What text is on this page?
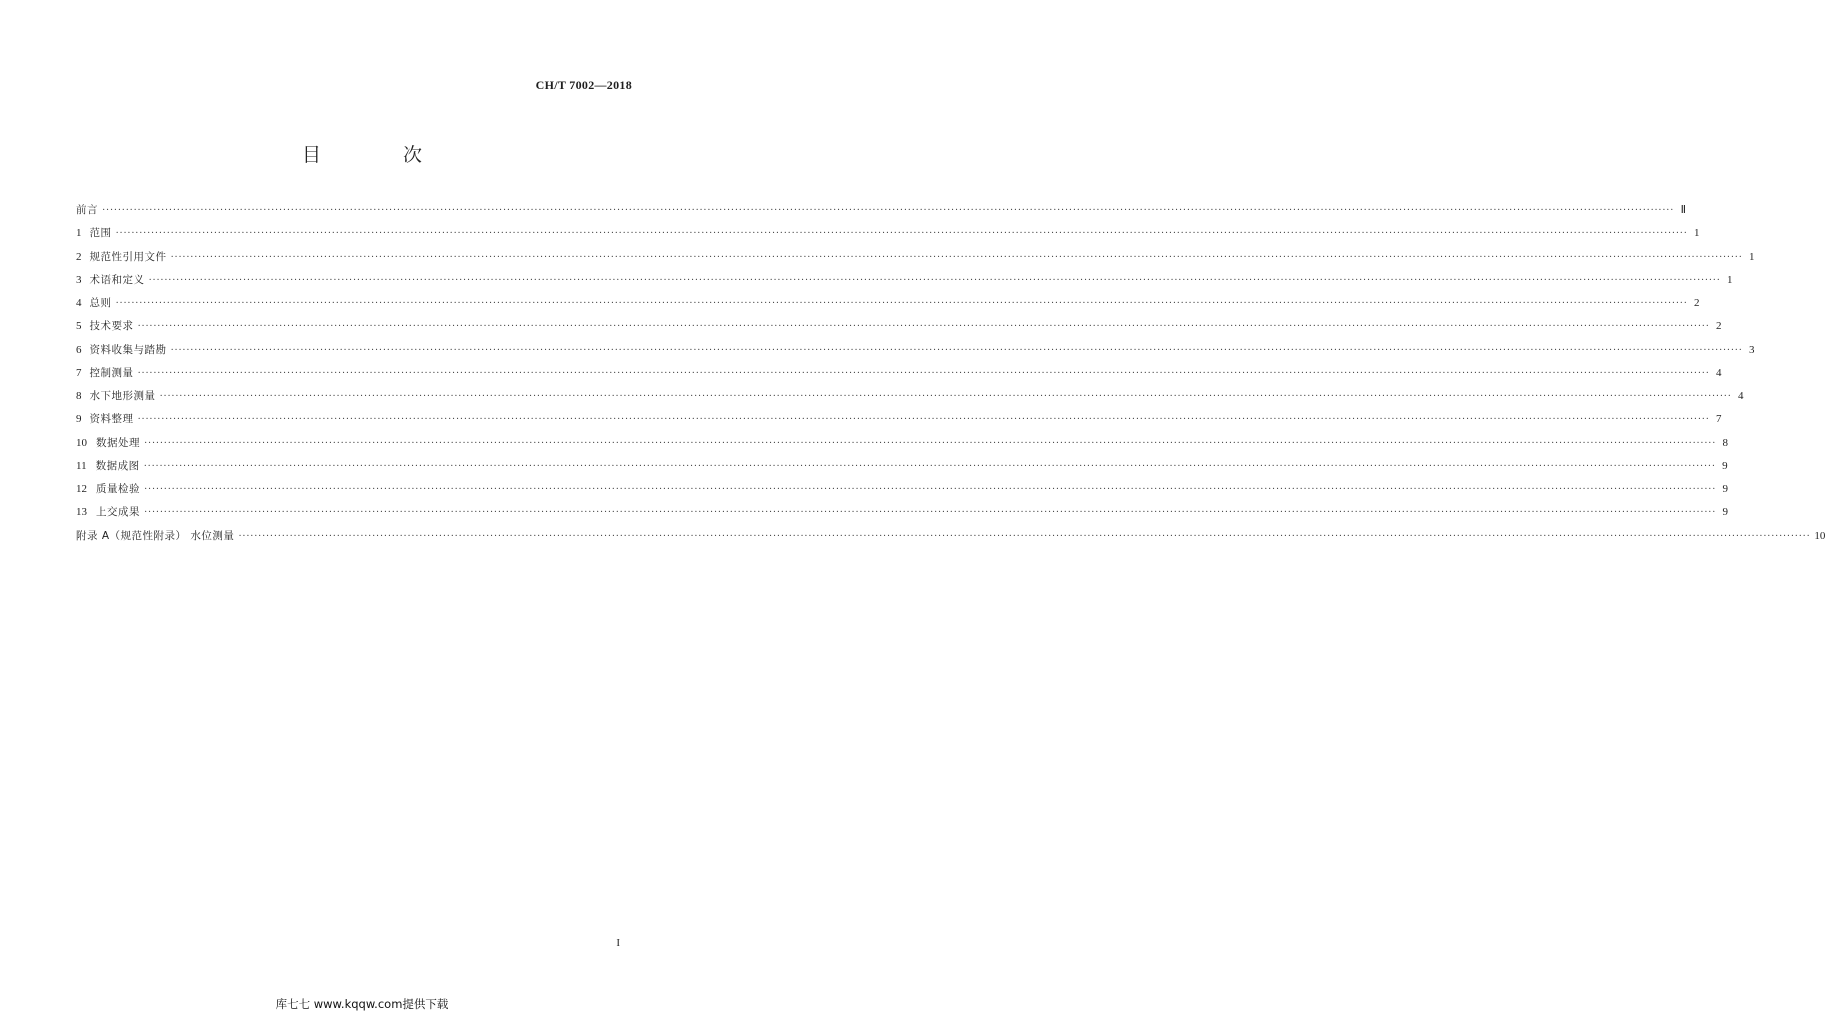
CH/T 7002—2018
目 次
前言 ················································································································································································································································································································································································································ Ⅱ
1 范围 ················································································································································································································································································································································································································ 1
2 规范性引用文件 ················································································································································································································································································································································································································ 1
3 术语和定义 ················································································································································································································································································································································································································ 1
4 总则 ················································································································································································································································································································································································································ 2
5 技术要求 ················································································································································································································································································································································································································ 2
6 资料收集与踏勘 ················································································································································································································································································································································································································ 3
7 控制测量 ················································································································································································································································································································································································································ 4
8 水下地形测量 ················································································································································································································································································································································································································ 4
9 资料整理 ················································································································································································································································································································································································································ 7
10 数据处理 ················································································································································································································································································································································································································ 8
11 数据成图 ················································································································································································································································································································································································································ 9
12 质量检验 ················································································································································································································································································································································································································ 9
13 上交成果 ················································································································································································································································································································································································································ 9
附录 A（规范性附录） 水位测量 ················································································································································································································································································································································································································ 10
I
库七七 www.kqqw.com提供下载
